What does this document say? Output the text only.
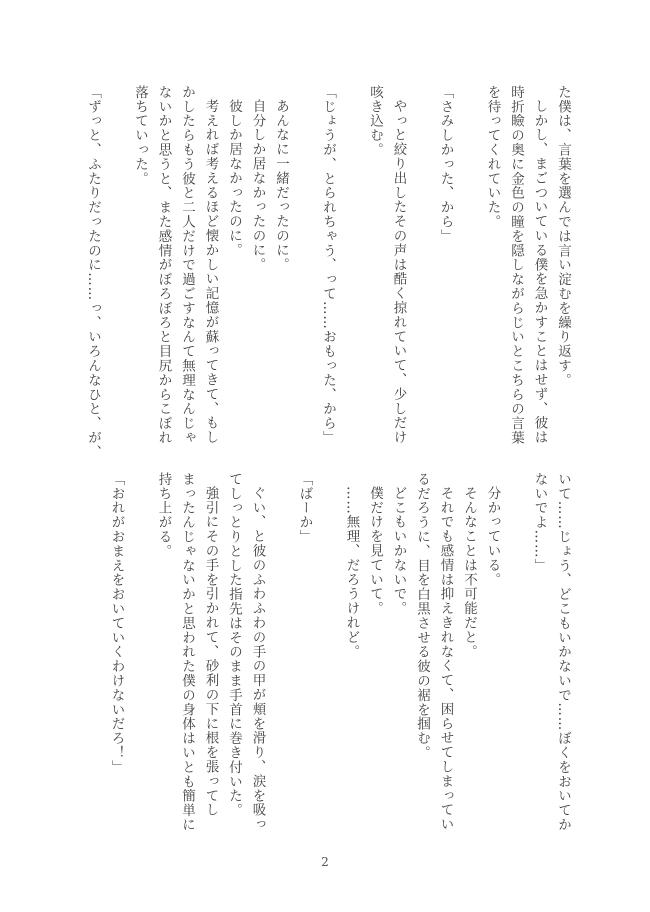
た僕は、言葉を選んでは言い淀むを繰り返す。

しかし、まごついている僕を急かすことはせず、彼は

時折瞼の奥に金色の瞳を隠しながらじいとこちらの言葉

を待ってくれていた。

「さみしかった、から」

やっと絞り出したその声は酷く掠れていて、少しだけ

咳き込む。

「じょうが、とられちゃう、って……おもった、から」

あんなに一緒だったのに。

自分しか居なかったのに。

彼しか居なかったのに。

考えれば考えるほど懐かしい記憶が蘇ってきて、もし

かしたらもう彼と二人だけで過ごすなんて無理なんじゃ

ないかと思うと、また感情がぼろぼろと目尻からこぼれ

落ちていった。

「ずっと、ふたりだったのに……っ、いろんなひと、が、

いて……じょう、どこもいかないで……ぼくをおいてか

ないでよ……」

分かっている。

そんなことは不可能だと。

それでも感情は抑えきれなくて、困らせてしまってい

るだろうに、目を白黒させる彼の裾を掴む。

どこもいかないで。

僕だけを見ていて。

……無理、だろうけれど。

「ばーか」

ぐい、と彼のふわふわの手の甲が頬を滑り、涙を吸っ

てしっとりとした指先はそのまま手首に巻き付いた。

強引にその手を引かれて、砂利の下に根を張ってし

まったんじゃないかと思われた僕の身体はいとも簡単に

持ち上がる。

「おれがおまえをおいていくわけないだろ！」

2
